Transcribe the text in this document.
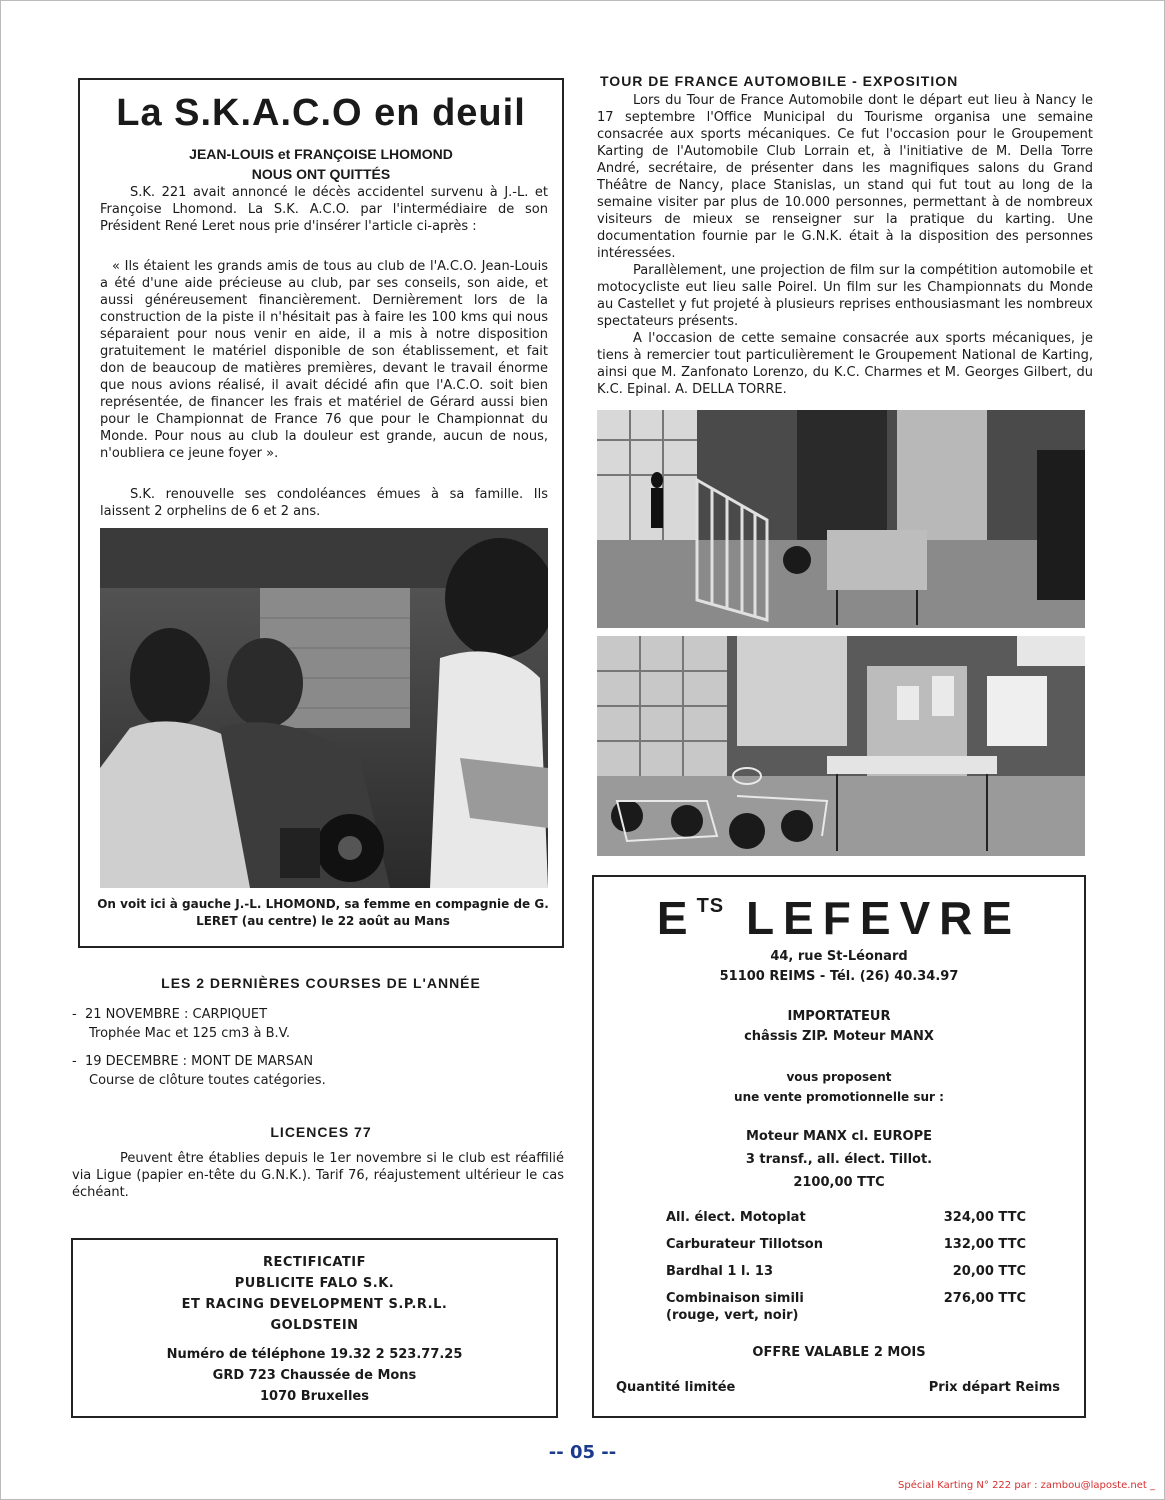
La S.K.A.C.O en deuil
JEAN-LOUIS et FRANÇOISE LHOMOND
NOUS ONT QUITTÉS
S.K. 221 avait annoncé le décès accidentel survenu à J.-L. et Françoise Lhomond. La S.K. A.C.O. par l'intermédiaire de son Président René Leret nous prie d'insérer l'article ci-après :
« Ils étaient les grands amis de tous au club de l'A.C.O. Jean-Louis a été d'une aide précieuse au club, par ses conseils, son aide, et aussi généreusement financièrement. Dernièrement lors de la construction de la piste il n'hésitait pas à faire les 100 kms qui nous séparaient pour nous venir en aide, il a mis à notre disposition gratuitement le matériel disponible de son établissement, et fait don de beaucoup de matières premières, devant le travail énorme que nous avions réalisé, il avait décidé afin que l'A.C.O. soit bien représentée, de financer les frais et matériel de Gérard aussi bien pour le Championnat de France 76 que pour le Championnat du Monde. Pour nous au club la douleur est grande, aucun de nous, n'oubliera ce jeune foyer ».
S.K. renouvelle ses condoléances émues à sa famille. Ils laissent 2 orphelins de 6 et 2 ans.
On voit ici à gauche J.-L. LHOMOND, sa femme en compagnie de G. LERET (au centre) le 22 août au Mans
LES 2 DERNIÈRES COURSES DE L'ANNÉE
-  21 NOVEMBRE : CARPIQUET
Trophée Mac et 125 cm3 à B.V.
-  19 DECEMBRE : MONT DE MARSAN
Course de clôture toutes catégories.
LICENCES 77
Peuvent être établies depuis le 1er novembre si le club est réaffilié via Ligue (papier en-tête du G.N.K.). Tarif 76, réajustement ultérieur le cas échéant.
RECTIFICATIF
PUBLICITE FALO S.K.
ET RACING DEVELOPMENT S.P.R.L.
GOLDSTEIN
Numéro de téléphone 19.32 2 523.77.25
GRD 723 Chaussée de Mons
1070 Bruxelles
TOUR DE FRANCE AUTOMOBILE - EXPOSITION
Lors du Tour de France Automobile dont le départ eut lieu à Nancy le 17 septembre l'Office Municipal du Tourisme organisa une semaine consacrée aux sports mécaniques. Ce fut l'occasion pour le Groupement Karting de l'Automobile Club Lorrain et, à l'initiative de M. Della Torre André, secrétaire, de présenter dans les magnifiques salons du Grand Théâtre de Nancy, place Stanislas, un stand qui fut tout au long de la semaine visiter par plus de 10.000 personnes, permettant à de nombreux visiteurs de mieux se renseigner sur la pratique du karting. Une documentation fournie par le G.N.K. était à la disposition des personnes intéressées.
Parallèlement, une projection de film sur la compétition automobile et motocycliste eut lieu salle Poirel. Un film sur les Championnats du Monde au Castellet y fut projeté à plusieurs reprises enthousiasmant les nombreux spectateurs présents.
A l'occasion de cette semaine consacrée aux sports mécaniques, je tiens à remercier tout particulièrement le Groupement National de Karting, ainsi que M. Zanfonato Lorenzo, du K.C. Charmes et M. Georges Gilbert, du K.C. Epinal. A. DELLA TORRE.
$E^{TS}$ LEFEVRE
44, rue St-Léonard
51100 REIMS - Tél. (26) 40.34.97
IMPORTATEUR
châssis ZIP. Moteur MANX
vous proposent
une vente promotionnelle sur :
Moteur MANX cl. EUROPE
3 transf., all. élect. Tillot.
2100,00 TTC
All. élect. Motoplat	324,00 TTC
Carburateur Tillotson	132,00 TTC
Bardhal 1 l. 13	20,00 TTC
Combinaison simili
(rouge, vert, noir)
276,00 TTC
OFFRE VALABLE 2 MOIS
Quantité limitée	Prix départ Reims
-- 05 --
Spécial Karting N° 222 par : zambou@laposte.net _
